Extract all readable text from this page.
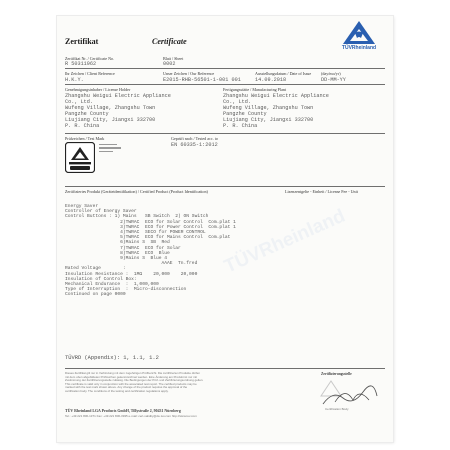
Zertifikat	Certificate
TÜVRheinland
Zertifikat Nr. / Certificate No.	Blatt / Sheet
R 50311962	0002
Ihr Zeichen / Client Reference	Unser Zeichen / Our Reference	Ausstellungsdatum / Date of Issue (day/mo/yr)
H.K.Y.	E2015-RHB-56501-1-001 001	14.09.2018	DD-MM-YY
Genehmigungsinhaber / License Holder	Fertigungsstätte / Manufacturing Plant
Zhangshu Weigui Electric Appliance
Co., Ltd.
Wufeng Village, Zhangshu Town
Pangzhe County
Liujiang City, Jiangxi 332700
P. R. China
Zhangshu Weigui Electric Appliance
Co., Ltd.
Wufeng Village, Zhangshu Town
Pangzhe County
Liujiang City, Jiangxi 332700
P. R. China
Prüfzeichen / Test Mark	Geprüft nach / Tested acc. to
EN 60335-1:2012
Zertifiziertes Produkt (Geräteidentifikation) / Certified Product (Product Identification)	Lizenzentgelte - Einheit / License Fee - Unit
TÜVRheinland
Energy Saver
Controller of Energy Saver
Control Buttons : 1) Mains   SB Switch  2) ON Switch
2)TWRAC  ECO for Solar Control  Com.plat 1
3)TWRAC  ECO for Power Control  Com.plat 1
4)TWRAC  SECO for POWER CONTROL
5)TWRAC  ECO for Mains Control  Com.plat
6)Mains S  SB  Red
7)TWRAC  ECO for Solar
8)TWRAC  ECO  Blue
9)Mains S  Blue 4
AAAE  Tn.fred
Rated Voltage        :
Insulation Resistance :  1MΩ    20,000    20,000
Insulation of Control Box:
Mechanical Endurance  :  1,000,000
Type of Interruption  :  Micro-disconnection
Continued on page 0000
TÜVRD (Appendix): 1, 1.1, 1.2
Dieses Zertifikat gilt nur in Verbindung mit dem zugehörigen Prüfbericht. Die zertifizierten Produkte dürfen
mit dem oben abgebildeten Prüfzeichen gekennzeichnet werden. Eine Änderung am Produkt ist nur mit
Zustimmung der Zertifizierungsstelle zulässig. Die Bedingungen der Prüf- und Zertifizierungsordnung gelten.
This certificate is valid only in conjunction with the associated test report. The certified products may be
marked with the test mark shown above. Any change of the product requires the approval of the
certification body. The conditions of the testing and certification regulations apply.
Zertifizierungsstelle
Certification Body
TÜV Rheinland LGA Products GmbH, Tillystraße 2, 90431 Nürnberg
Tel.: +49 221 806-1371 Fax: +49 221 806-3935 e-mail: cert-validity@de.tuv.com http://www.tuv.com
